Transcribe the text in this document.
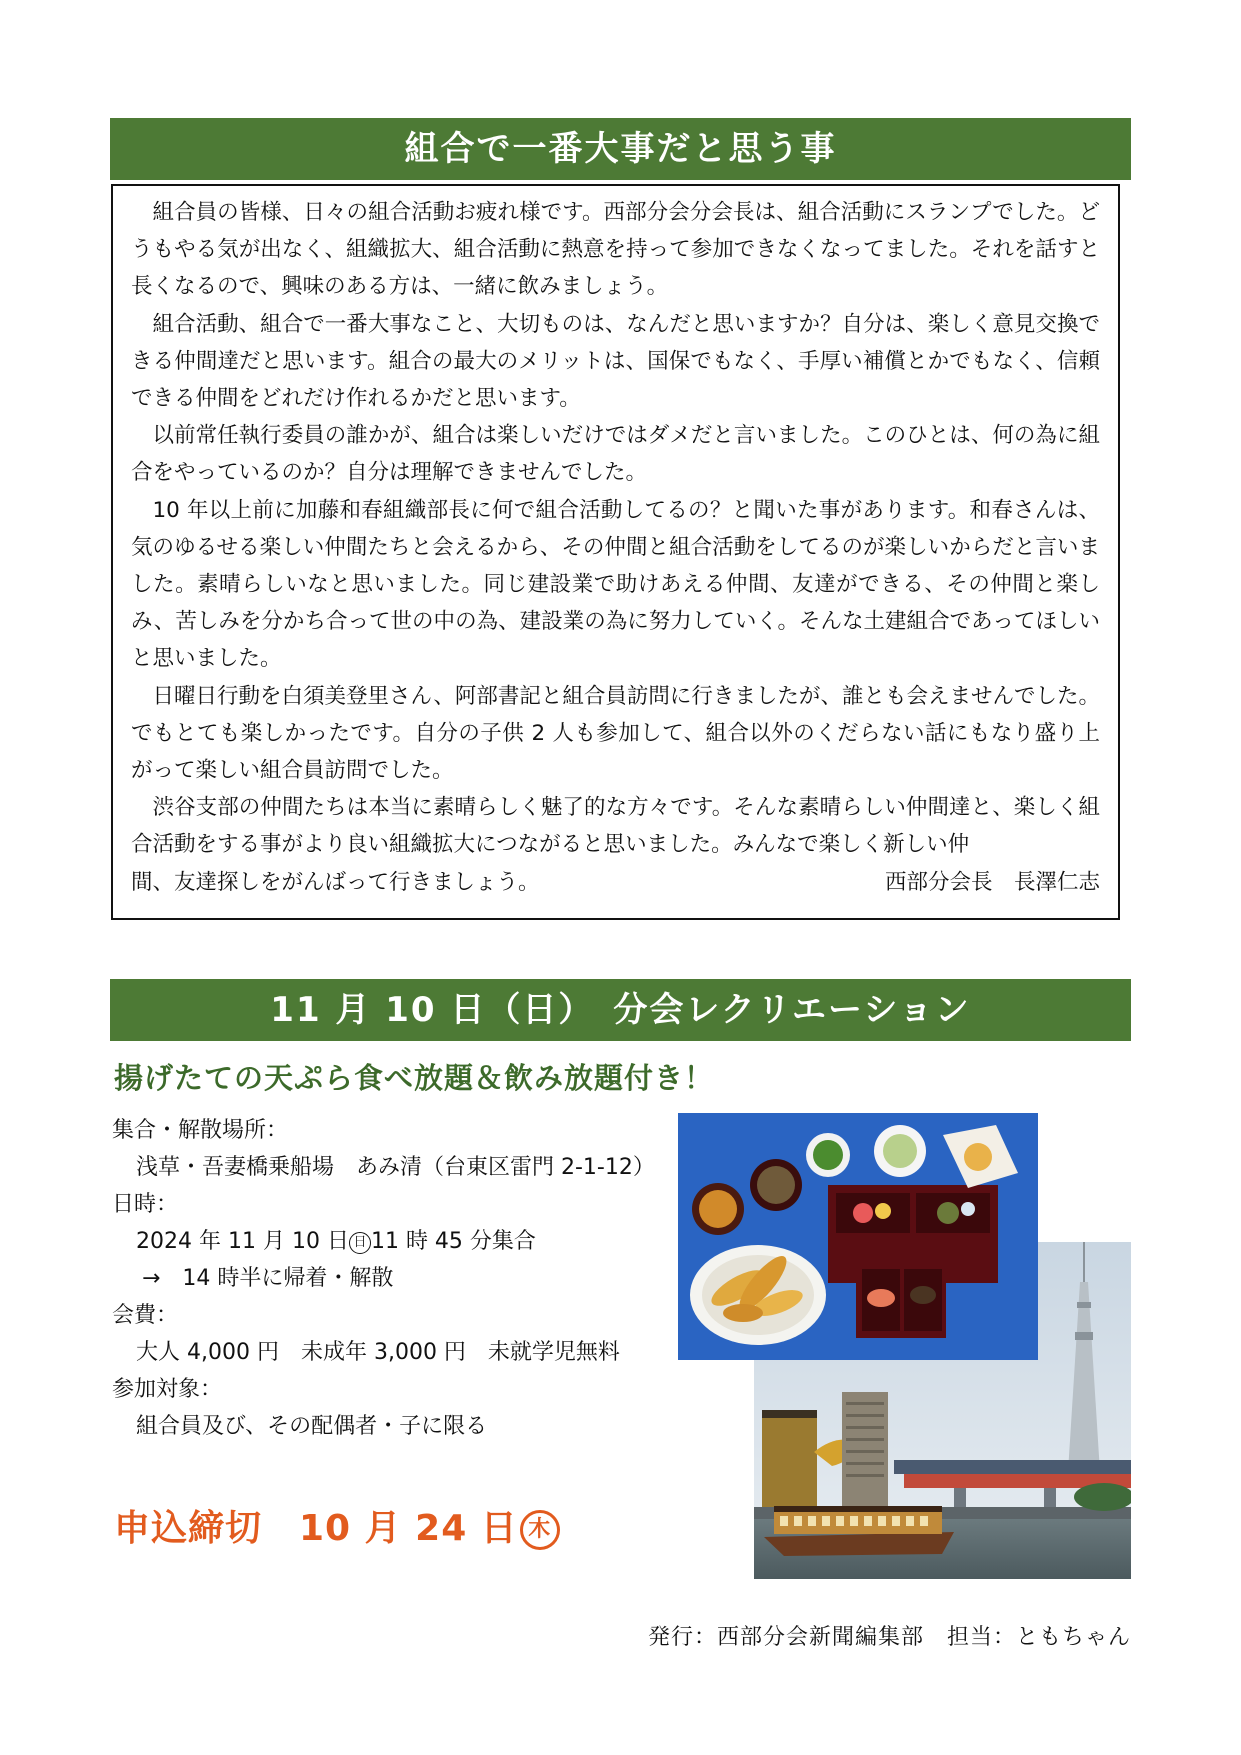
組合で一番大事だと思う事

組合員の皆様、日々の組合活動お疲れ様です。西部分会分会長は、組合活動にスランプでした。どうもやる気が出なく、組織拡大、組合活動に熱意を持って参加できなくなってました。それを話すと長くなるので、興味のある方は、一緒に飲みましょう。

組合活動、組合で一番大事なこと、大切ものは、なんだと思いますか？自分は、楽しく意見交換できる仲間達だと思います。組合の最大のメリットは、国保でもなく、手厚い補償とかでもなく、信頼できる仲間をどれだけ作れるかだと思います。

以前常任執行委員の誰かが、組合は楽しいだけではダメだと言いました。このひとは、何の為に組合をやっているのか？自分は理解できませんでした。

10 年以上前に加藤和春組織部長に何で組合活動してるの？と聞いた事があります。和春さんは、気のゆるせる楽しい仲間たちと会えるから、その仲間と組合活動をしてるのが楽しいからだと言いました。素晴らしいなと思いました。同じ建設業で助けあえる仲間、友達ができる、その仲間と楽しみ、苦しみを分かち合って世の中の為、建設業の為に努力していく。そんな土建組合であってほしいと思いました。

日曜日行動を白須美登里さん、阿部書記と組合員訪問に行きましたが、誰とも会えませんでした。でもとても楽しかったです。自分の子供 2 人も参加して、組合以外のくだらない話にもなり盛り上がって楽しい組合員訪問でした。

渋谷支部の仲間たちは本当に素晴らしく魅了的な方々です。そんな素晴らしい仲間達と、楽しく組合活動をする事がより良い組織拡大につながると思いました。みんなで楽しく新しい仲

間、友達探しをがんばって行きましょう。	西部分会長　長澤仁志

11 月 10 日（日）　分会レクリエーション
揚げたての天ぷら食べ放題＆飲み放題付き！
集合・解散場所：
浅草・吾妻橋乗船場　あみ清（台東区雷門 2-1-12）
日時：
2024 年 11 月 10 日 日 11 時 45 分集合
→　14 時半に帰着・解散
会費：
大人 4,000 円　未成年 3,000 円　未就学児無料
参加対象：
組合員及び、その配偶者・子に限る
申込締切　10 月 24 日 木
発行：西部分会新聞編集部　担当：ともちゃん
